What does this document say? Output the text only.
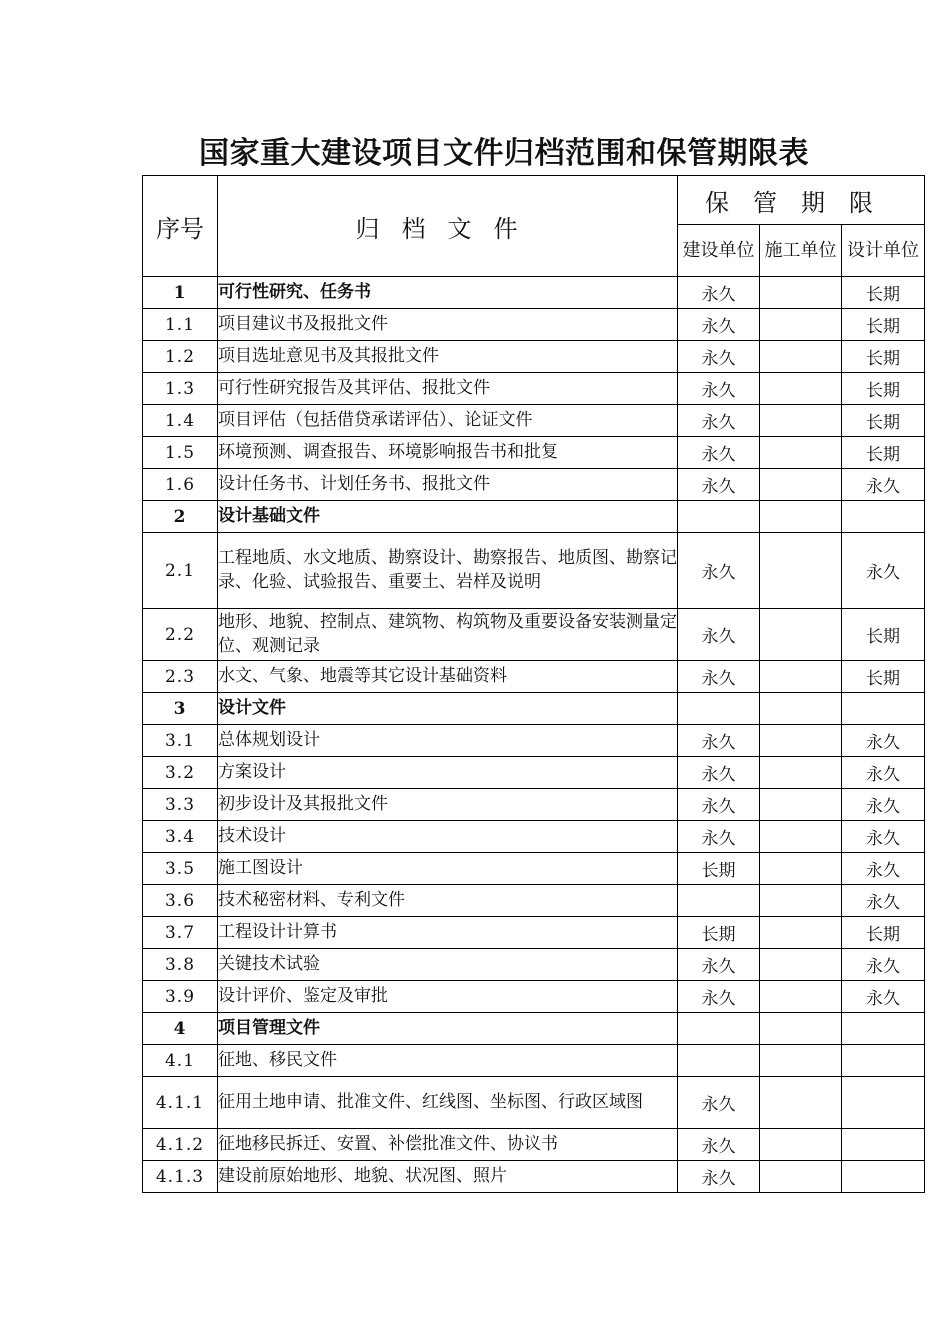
国家重大建设项目文件归档范围和保管期限表
序号	归档文件	保管期限		
		建设单位	施工单位	设计单位
1	可行性研究、任务书	永久		长期
1.1	项目建议书及报批文件	永久		长期
1.2	项目选址意见书及其报批文件	永久		长期
1.3	可行性研究报告及其评估、报批文件	永久		长期
1.4	项目评估（包括借贷承诺评估）、论证文件	永久		长期
1.5	环境预测、调查报告、环境影响报告书和批复	永久		长期
1.6	设计任务书、计划任务书、报批文件	永久		永久
2	设计基础文件			
2.1	工程地质、水文地质、勘察设计、勘察报告、地质图、勘察记录、化验、试验报告、重要土、岩样及说明	永久		永久
2.2	地形、地貌、控制点、建筑物、构筑物及重要设备安装测量定位、观测记录	永久		长期
2.3	水文、气象、地震等其它设计基础资料	永久		长期
3	设计文件			
3.1	总体规划设计	永久		永久
3.2	方案设计	永久		永久
3.3	初步设计及其报批文件	永久		永久
3.4	技术设计	永久		永久
3.5	施工图设计	长期		永久
3.6	技术秘密材料、专利文件			永久
3.7	工程设计计算书	长期		长期
3.8	关键技术试验	永久		永久
3.9	设计评价、鉴定及审批	永久		永久
4	项目管理文件			
4.1	征地、移民文件			
4.1.1	征用土地申请、批准文件、红线图、坐标图、行政区域图	永久		
4.1.2	征地移民拆迁、安置、补偿批准文件、协议书	永久		
4.1.3	建设前原始地形、地貌、状况图、照片	永久		
